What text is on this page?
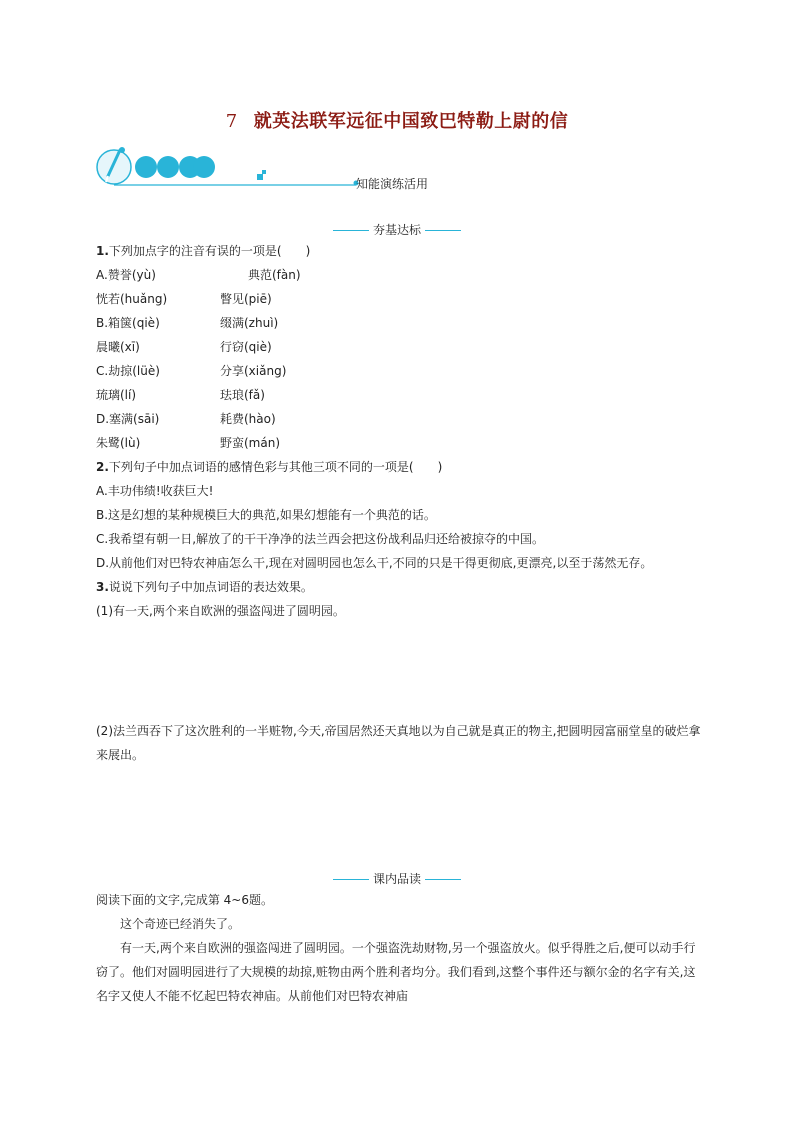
7 就英法联军远征中国致巴特勒上尉的信
知能演练活用
夯基达标
1.下列加点字的注音有误的一项是(　　)
A.赞誉(yù)	典范(fàn)
恍若(huǎng)	瞥见(piē)
B.箱箧(qiè)	缀满(zhuì)
晨曦(xī)	行窃(qiè)
C.劫掠(lüè)	分享(xiǎng)
琉璃(lí)	珐琅(fǎ)
D.塞满(sāi)	耗费(hào)
朱鹭(lù)	野蛮(mán)
2.下列句子中加点词语的感情色彩与其他三项不同的一项是(　　)
A.丰功伟绩!收获巨大!
B.这是幻想的某种规模巨大的典范,如果幻想能有一个典范的话。
C.我希望有朝一日,解放了的干干净净的法兰西会把这份战利品归还给被掠夺的中国。
D.从前他们对巴特农神庙怎么干,现在对圆明园也怎么干,不同的只是干得更彻底,更漂亮,以至于荡然无存。
3.说说下列句子中加点词语的表达效果。
(1)有一天,两个来自欧洲的强盗闯进了圆明园。
(2)法兰西吞下了这次胜利的一半赃物,今天,帝国居然还天真地以为自己就是真正的物主,把圆明园富丽堂皇的破烂拿来展出。
课内品读
阅读下面的文字,完成第 4~6题。
这个奇迹已经消失了。
有一天,两个来自欧洲的强盗闯进了圆明园。一个强盗洗劫财物,另一个强盗放火。似乎得胜之后,便可以动手行窃了。他们对圆明园进行了大规模的劫掠,赃物由两个胜利者均分。我们看到,这整个事件还与额尔金的名字有关,这名字又使人不能不忆起巴特农神庙。从前他们对巴特农神庙
